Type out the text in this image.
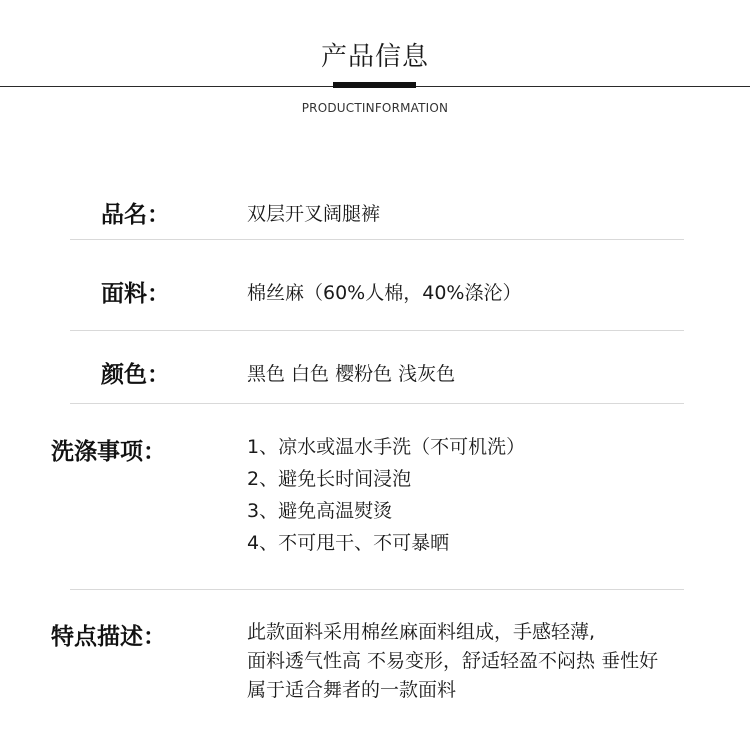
产品信息
PRODUCTINFORMATION
品名：	双层开叉阔腿裤
面料：	棉丝麻（60%人棉，40%涤沦）
颜色：	黑色 白色 樱粉色 浅灰色
洗涤事项：	1、凉水或温水手洗（不可机洗）
2、避免长时间浸泡
3、避免高温熨烫
4、不可甩干、不可暴晒
特点描述：	此款面料采用棉丝麻面料组成，手感轻薄,
面料透气性高 不易变形，舒适轻盈不闷热 垂性好
属于适合舞者的一款面料
